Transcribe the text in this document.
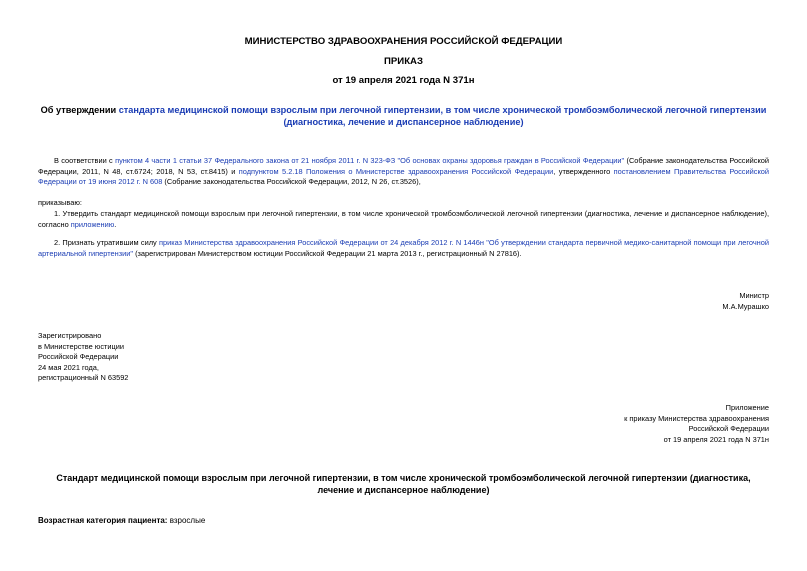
МИНИСТЕРСТВО ЗДРАВООХРАНЕНИЯ РОССИЙСКОЙ ФЕДЕРАЦИИ
ПРИКАЗ
от 19 апреля 2021 года N 371н
Об утверждении стандарта медицинской помощи взрослым при легочной гипертензии, в том числе хронической тромбоэмболической легочной гипертензии (диагностика, лечение и диспансерное наблюдение)
В соответствии с пунктом 4 части 1 статьи 37 Федерального закона от 21 ноября 2011 г. N 323-ФЗ "Об основах охраны здоровья граждан в Российской Федерации" (Собрание законодательства Российской Федерации, 2011, N 48, ст.6724; 2018, N 53, ст.8415) и подпунктом 5.2.18 Положения о Министерстве здравоохранения Российской Федерации, утвержденного постановлением Правительства Российской Федерации от 19 июня 2012 г. N 608 (Собрание законодательства Российской Федерации, 2012, N 26, ст.3526),
приказываю:
1. Утвердить стандарт медицинской помощи взрослым при легочной гипертензии, в том числе хронической тромбоэмболической легочной гипертензии (диагностика, лечение и диспансерное наблюдение), согласно приложению.
2. Признать утратившим силу приказ Министерства здравоохранения Российской Федерации от 24 декабря 2012 г. N 1446н "Об утверждении стандарта первичной медико-санитарной помощи при легочной артериальной гипертензии" (зарегистрирован Министерством юстиции Российской Федерации 21 марта 2013 г., регистрационный N 27816).
Министр
М.А.Мурашко
Зарегистрировано
в Министерстве юстиции
Российской Федерации
24 мая 2021 года,
регистрационный N 63592
Приложение
к приказу Министерства здравоохранения
Российской Федерации
от 19 апреля 2021 года N 371н
Стандарт медицинской помощи взрослым при легочной гипертензии, в том числе хронической тромбоэмболической легочной гипертензии (диагностика, лечение и диспансерное наблюдение)
Возрастная категория пациента: взрослые
